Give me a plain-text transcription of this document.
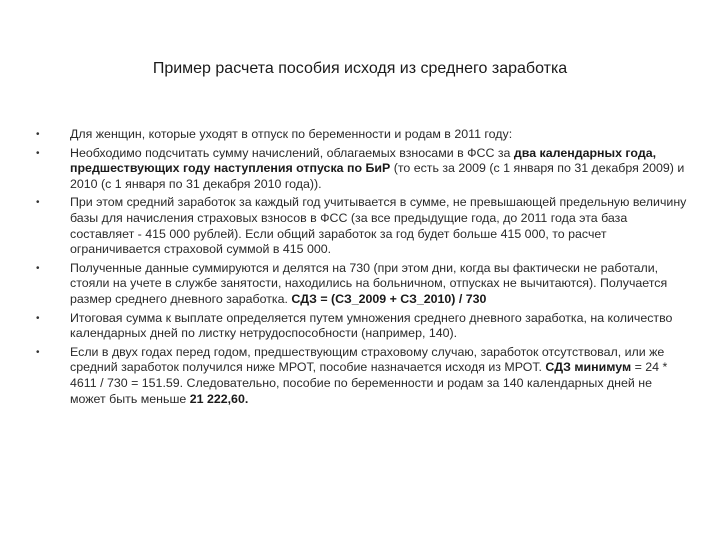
Пример расчета пособия исходя из среднего заработка
•	Для женщин, которые уходят в отпуск по беременности и родам в 2011 году:
•	Необходимо подсчитать сумму начислений, облагаемых взносами в ФСС за два календарных года, предшествующих году наступления отпуска по БиР (то есть за 2009 (с 1 января по 31 декабря 2009) и 2010 (с 1 января по 31 декабря 2010 года)).
•	При этом средний заработок за каждый год учитывается в сумме, не превышающей предельную величину базы для начисления страховых взносов в ФСС (за все предыдущие года, до 2011 года эта база составляет - 415 000 рублей). Если общий заработок за год будет больше 415 000, то расчет ограничивается страховой суммой в 415 000.
•	Полученные данные суммируются и делятся на 730 (при этом дни, когда вы фактически не работали, стояли на учете в службе занятости, находились на больничном, отпусках не вычитаются). Получается размер среднего дневного заработка. СДЗ = (СЗ_2009 + СЗ_2010) / 730
•	Итоговая сумма к выплате определяется путем умножения среднего дневного заработка, на количество календарных дней по листку нетрудоспособности (например, 140).
•	Если в двух годах перед годом, предшествующим страховому случаю, заработок отсутствовал, или же средний заработок получился ниже МРОТ, пособие назначается исходя из МРОТ. СДЗ минимум = 24 * 4611 / 730 = 151.59. Следовательно, пособие по беременности и родам за 140 календарных дней не может быть меньше 21 222,60.
